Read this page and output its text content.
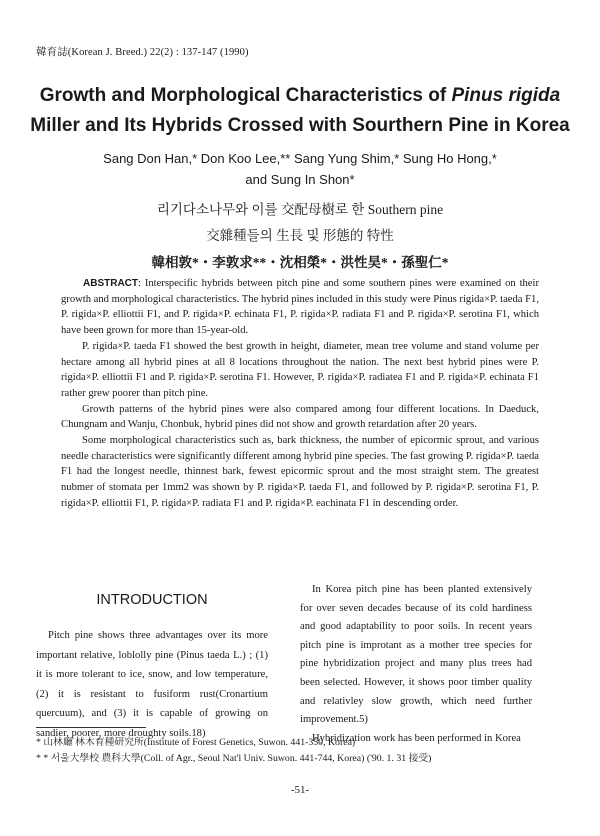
韓育誌(Korean J. Breed.) 22(2) : 137-147 (1990)
Growth and Morphological Characteristics of Pinus rigida
Miller and Its Hybrids Crossed with Sourthern Pine in Korea
Sang Don Han,* Don Koo Lee,** Sang Yung Shim,* Sung Ho Hong,*
and Sung In Shon*
리기다소나무와 이를 交配母樹로 한 Southern pine
交雜種들의 生長 및 形態的 特性
韓相敦*・李敦求**・沈相榮*・洪性昊*・孫聖仁*

ABSTRACT: Interspecific hybrids between pitch pine and some southern pines were examined on their growth and morphological characteristics. The hybrid pines included in this study were Pinus rigida×P. taeda F1, P. rigida×P. elliottii F1, and P. rigida×P. echinata F1, P. rigida×P. radiata F1 and P. rigida×P. serotina F1, which have been grown for more than 15-year-old.

P. rigida×P. taeda F1 showed the best growth in height, diameter, mean tree volume and stand volume per hectare among all hybrid pines at all 8 locations throughout the nation. The next best hybrid pines were P. rigida×P. elliottii F1 and P. rigida×P. serotina F1. However, P. rigida×P. radiatea F1 and P. rigida×P. echinata F1 rather grew poorer than pitch pine.

Growth patterns of the hybrid pines were also compared among four different locations. In Daeduck, Chungnam and Wanju, Chonbuk, hybrid pines did not show and growth retardation after 20 years.

Some morphological characteristics such as, bark thickness, the number of epicormic sprout, and various needle characteristics were significantly different among hybrid pine species. The fast growing P. rigida×P. taeda F1 had the longest needle, thinnest bark, fewest epicormic sprout and the most straight stem. The greatest nubmer of stomata per 1mm2 was shown by P. rigida×P. taeda F1, and followed by P. rigida×P. serotina F1, P. rigida×P. elliottii F1, P. rigida×P. radiata F1 and P. rigida×P. eachinata F1 in descending order.

INTRODUCTION

Pitch pine shows three advantages over its more important relative, loblolly pine (Pinus taeda L.) ; (1) it is more tolerant to ice, snow, and low temperature, (2) it is resistant to fusiform rust(Cronartium quercuum), and (3) it is capable of growing on sandier, poorer, more droughty soils.18)

In Korea pitch pine has been planted extensively for over seven decades because of its cold hardiness and good adaptability to poor soils. In recent years pitch pine is improtant as a mother tree species for pine hybridization project and many plus trees had been selected. However, it shows poor timber quality and relativley slow growth, which need further improvement.5)

Hybridization work has been performed in Korea

* 山林廳 林木育種研究所(Institute of Forest Genetics, Suwon. 441-350, Korea)
* * 서울大學校 農科大學(Coll. of Agr., Seoul Nat'l Univ. Suwon. 441-744, Korea) ('90. 1. 31 接受)
-51-
